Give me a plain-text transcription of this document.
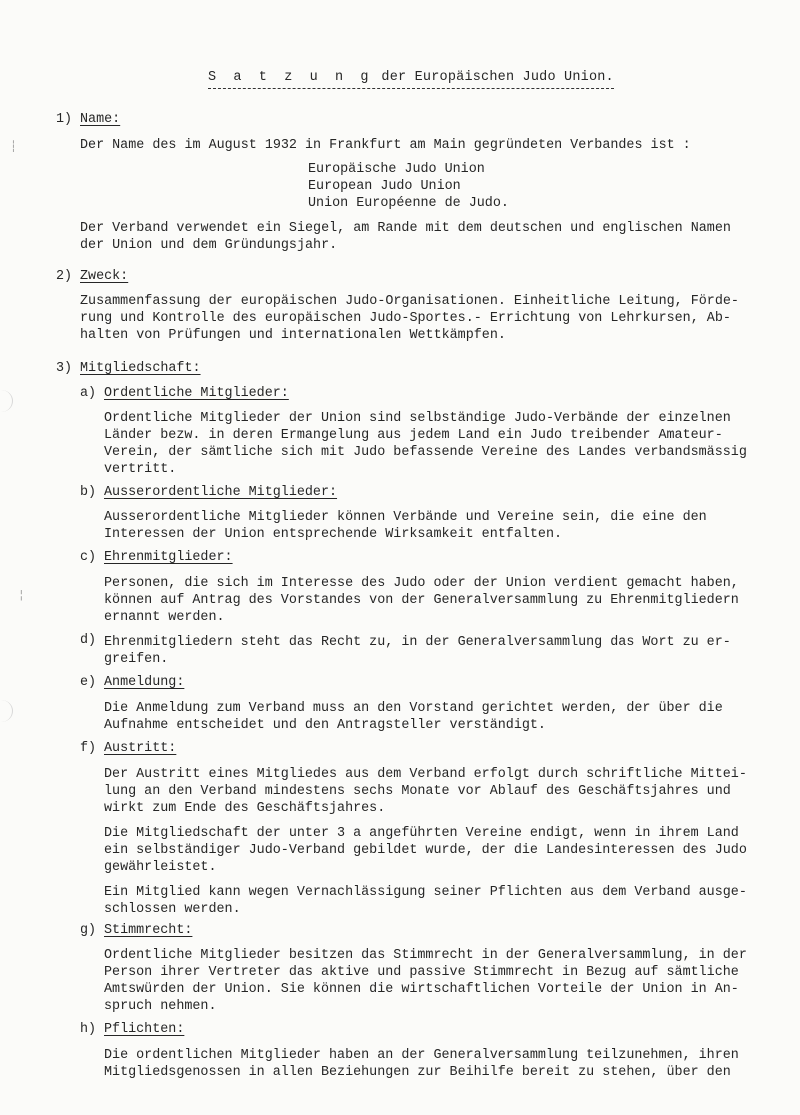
┆
¦
S a t z u n g der Europäischen Judo Union.
1) Name:
Der Name des im August 1932 in Frankfurt am Main gegründeten Verbandes ist :
Europäische Judo Union
European Judo Union
Union Européenne de Judo.
Der Verband verwendet ein Siegel, am Rande mit dem deutschen und englischen Namen
der Union und dem Gründungsjahr.
2) Zweck:
Zusammenfassung der europäischen Judo-Organisationen. Einheitliche Leitung, Förde-
rung und Kontrolle des europäischen Judo-Sportes.- Errichtung von Lehrkursen, Ab-
halten von Prüfungen und internationalen Wettkämpfen.
3) Mitgliedschaft:
a) Ordentliche Mitglieder:
Ordentliche Mitglieder der Union sind selbständige Judo-Verbände der einzelnen
Länder bezw. in deren Ermangelung aus jedem Land ein Judo treibender Amateur-
Verein, der sämtliche sich mit Judo befassende Vereine des Landes verbandsmässig
vertritt.
b) Ausserordentliche Mitglieder:
Ausserordentliche Mitglieder können Verbände und Vereine sein, die eine den
Interessen der Union entsprechende Wirksamkeit entfalten.
c) Ehrenmitglieder:
Personen, die sich im Interesse des Judo oder der Union verdient gemacht haben,
können auf Antrag des Vorstandes von der Generalversammlung zu Ehrenmitgliedern
ernannt werden.
d) Ehrenmitgliedern steht das Recht zu, in der Generalversammlung das Wort zu er-
greifen.
e) Anmeldung:
Die Anmeldung zum Verband muss an den Vorstand gerichtet werden, der über die
Aufnahme entscheidet und den Antragsteller verständigt.
f) Austritt:
Der Austritt eines Mitgliedes aus dem Verband erfolgt durch schriftliche Mittei-
lung an den Verband mindestens sechs Monate vor Ablauf des Geschäftsjahres und
wirkt zum Ende des Geschäftsjahres.
Die Mitgliedschaft der unter 3 a angeführten Vereine endigt, wenn in ihrem Land
ein selbständiger Judo-Verband gebildet wurde, der die Landesinteressen des Judo
gewährleistet.
Ein Mitglied kann wegen Vernachlässigung seiner Pflichten aus dem Verband ausge-
schlossen werden.
g) Stimmrecht:
Ordentliche Mitglieder besitzen das Stimmrecht in der Generalversammlung, in der
Person ihrer Vertreter das aktive und passive Stimmrecht in Bezug auf sämtliche
Amtswürden der Union. Sie können die wirtschaftlichen Vorteile der Union in An-
spruch nehmen.
h) Pflichten:
Die ordentlichen Mitglieder haben an der Generalversammlung teilzunehmen, ihren
Mitgliedsgenossen in allen Beziehungen zur Beihilfe bereit zu stehen, über den
